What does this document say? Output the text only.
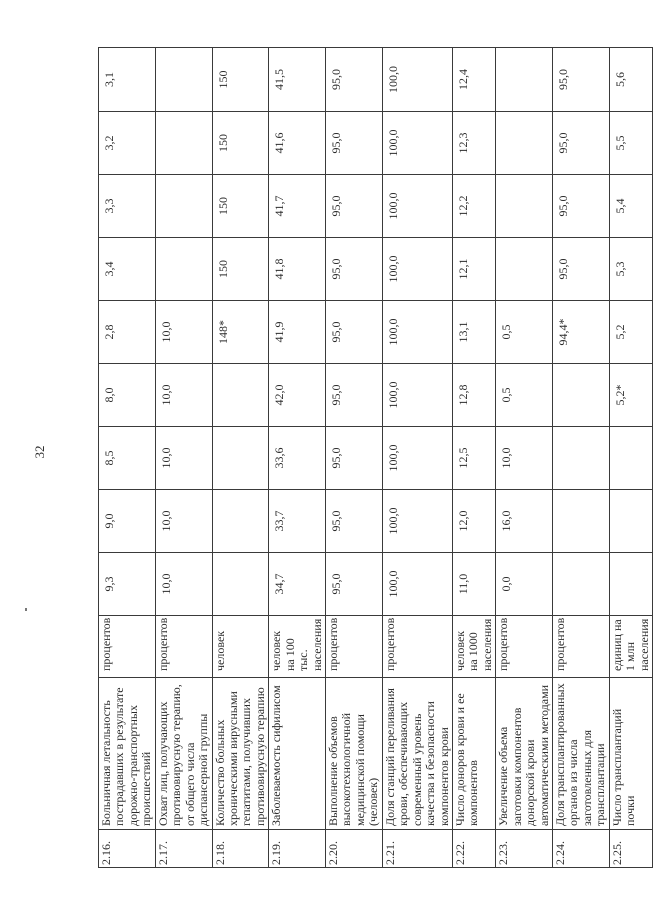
32
2.16.	Больничная летальность пострадавших в результате дорожно-транспортных происшествий	процентов	9,3	9,0	8,5	8,0	2,8	3,4	3,3	3,2	3,1
2.17.	Охват лиц, получающих противовирусную терапию, от общего числа диспансерной группы	процентов	10,0	10,0	10,0	10,0	10,0				
2.18.	Количество больных хроническими вирусными гепатитами, получивших противовирусную терапию	человек					148*	150	150	150	150
2.19.	Заболеваемость сифилисом	человек на 100 тыс. населения	34,7	33,7	33,6	42,0	41,9	41,8	41,7	41,6	41,5
2.20.	Выполнение объемов высокотехнологичной медицинской помощи (человек)	процентов	95,0	95,0	95,0	95,0	95,0	95,0	95,0	95,0	95,0
2.21.	Доля станций переливания крови, обеспечивающих современный уровень качества и безопасности компонентов крови	процентов	100,0	100,0	100,0	100,0	100,0	100,0	100,0	100,0	100,0
2.22.	Число доноров крови и ее компонентов	человек на 1000 населения	11,0	12,0	12,5	12,8	13,1	12,1	12,2	12,3	12,4
2.23.	Увеличение объема заготовки компонентов донорской крови автоматическими методами	процентов	0,0	16,0	10,0	0,5	0,5				
2.24.	Доля трансплантированных органов из числа заготовленных для трансплантации	процентов					94,4*	95,0	95,0	95,0	95,0
2.25.	Число трансплантаций почки	единиц на 1 млн населения				5,2*	5,2	5,3	5,4	5,5	5,6
